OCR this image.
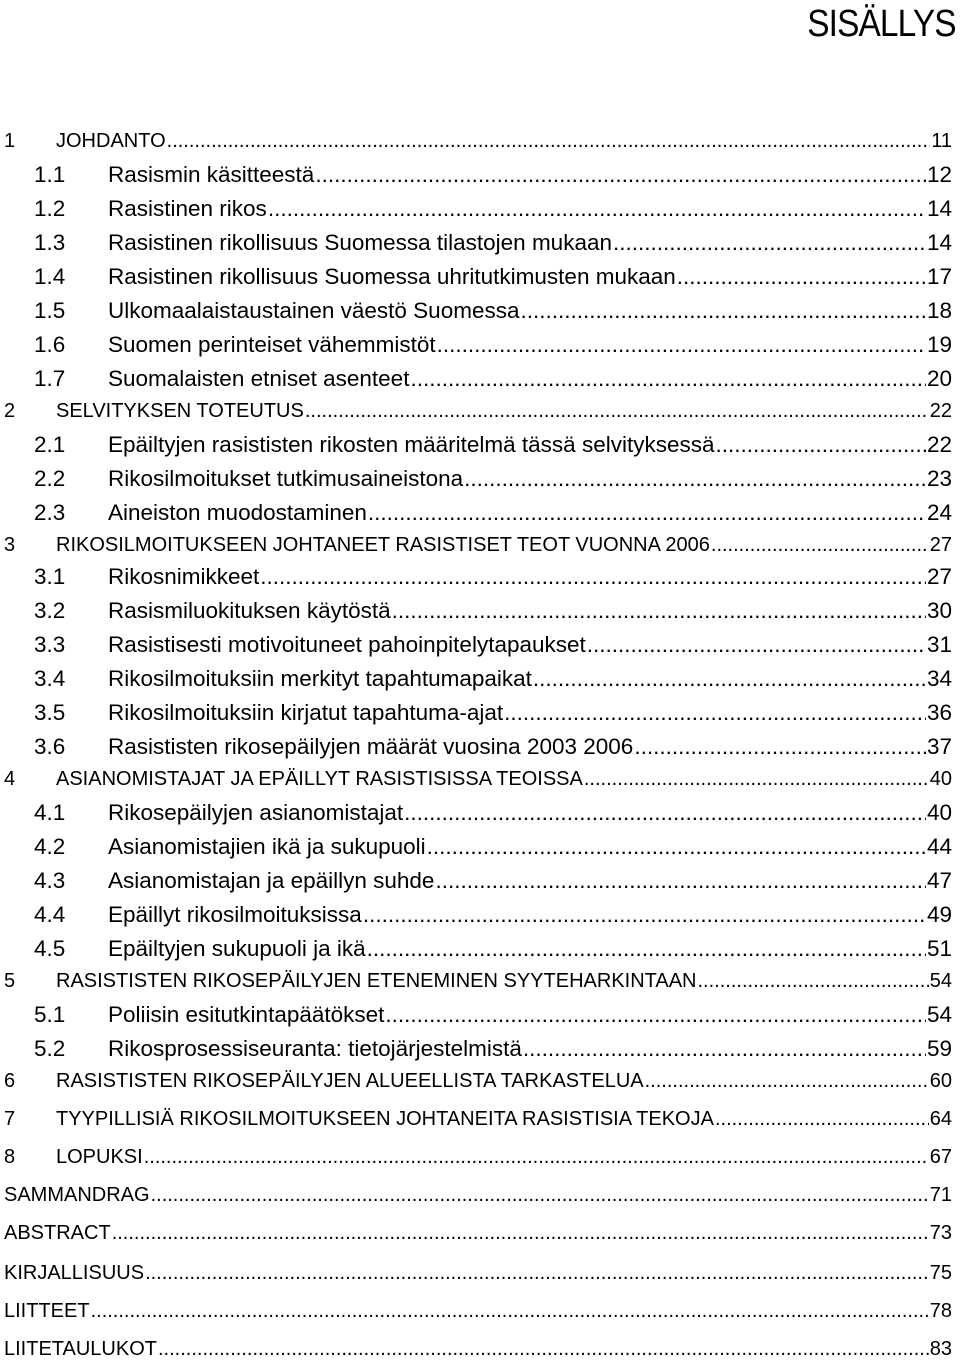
SISÄLLYS
1	JOHDANTO .....	11
1.1	Rasismin käsitteestä .....	12
1.2	Rasistinen rikos .....	14
1.3	Rasistinen rikollisuus Suomessa tilastojen mukaan .....	14
1.4	Rasistinen rikollisuus Suomessa uhritutkimusten mukaan .....	17
1.5	Ulkomaalaistaustainen väestö Suomessa .....	18
1.6	Suomen perinteiset vähemmistöt .....	19
1.7	Suomalaisten etniset asenteet .....	20
2	SELVITYKSEN TOTEUTUS .....	22
2.1	Epäiltyjen rasististen rikosten määritelmä tässä selvityksessä .....	22
2.2	Rikosilmoitukset tutkimusaineistona .....	23
2.3	Aineiston muodostaminen .....	24
3	RIKOSILMOITUKSEEN JOHTANEET RASISTISET TEOT VUONNA 2006 .....	27
3.1	Rikosnimikkeet .....	27
3.2	Rasismiluokituksen käytöstä .....	30
3.3	Rasistisesti motivoituneet pahoinpitelytapaukset .....	31
3.4	Rikosilmoituksiin merkityt tapahtumapaikat .....	34
3.5	Rikosilmoituksiin kirjatut tapahtuma-ajat .....	36
3.6	Rasististen rikosepäilyjen määrät vuosina 2003 2006 .....	37
4	ASIANOMISTAJAT JA EPÄILLYT RASISTISISSA TEOISSA .....	40
4.1	Rikosepäilyjen asianomistajat .....	40
4.2	Asianomistajien ikä ja sukupuoli .....	44
4.3	Asianomistajan ja epäillyn suhde .....	47
4.4	Epäillyt rikosilmoituksissa .....	49
4.5	Epäiltyjen sukupuoli ja ikä .....	51
5	RASISTISTEN RIKOSEPÄILYJEN ETENEMINEN SYYTEHARKINTAAN .....	54
5.1	Poliisin esitutkintapäätökset .....	54
5.2	Rikosprosessiseuranta: tietojärjestelmistä .....	59
6	RASISTISTEN RIKOSEPÄILYJEN ALUEELLISTA TARKASTELUA .....	60
7	TYYPILLISIÄ RIKOSILMOITUKSEEN JOHTANEITA RASISTISIA TEKOJA .....	64
8	LOPUKSI .....	67
SAMMANDRAG .....	71
ABSTRACT .....	73
KIRJALLISUUS .....	75
LIITTEET .....	78
LIITETAULUKOT .....	83
